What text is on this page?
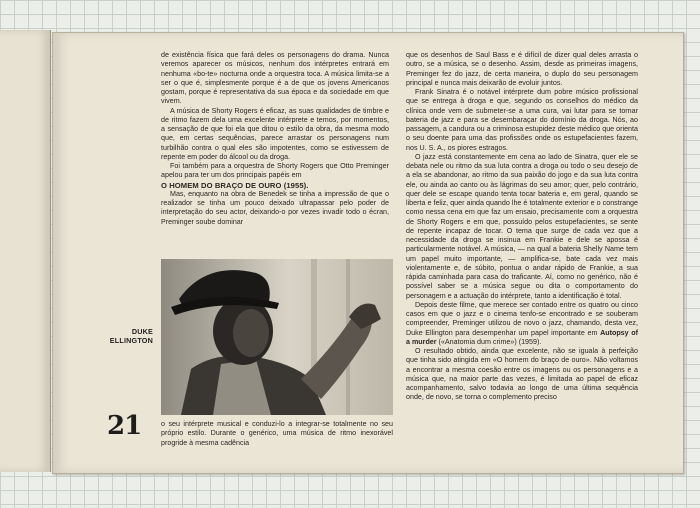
de existência física que fará deles os personagens do drama. Nunca veremos aparecer os músicos, nenhum dos intérpretes entrará em nenhuma «bo-te» nocturna onde a orquestra toca. A música limita-se a ser o que é, simplesmente porque é a de que os jovens Americanos gostam, porque é representativa da sua época e da sociedade em que vivem.

A música de Shorty Rogers é eficaz, as suas qualidades de timbre e de ritmo fazem dela uma excelente intérprete e temos, por momentos, a sensação de que foi ela que ditou o estilo da obra, da mesma modo que, em certas sequências, parece arrastar os personagens num turbilhão contra o qual eles são impotentes, como se estivessem de repente em poder do álcool ou da droga.

Foi também para a orquestra de Shorty Rogers que Otto Preminger apelou para ter um dos principais papéis em

O HOMEM DO BRAÇO DE OURO (1955).

Mas, enquanto na obra de Benedek se tinha a impressão de que o realizador se tinha um pouco deixado ultrapassar pelo poder de interpretação do seu actor, deixando-o por vezes invadir todo o écran, Preminger soube dominar

DUKE
ELLINGTON
21	o seu intérprete musical e conduzi-lo a integrar-se totalmente no seu próprio estilo. Durante o genérico, uma música de ritmo inexorável progride à mesma cadência

que os desenhos de Saul Bass e é difícil de dizer qual deles arrasta o outro, se a música, se o desenho. Assim, desde as primeiras imagens, Preminger fez do jazz, de certa maneira, o duplo do seu personagem principal e nunca mais deixarão de evoluir juntos.

Frank Sinatra é o notável intérprete dum pobre músico profissional que se entrega à droga e que, segundo os conselhos do médico da clínica onde vem de submeter-se a uma cura, vai lutar para se tornar bateria de jazz e para se desembaraçar do domínio da droga. Nós, ao passagem, a candura ou a criminosa estupidez deste médico que orienta o seu doente para uma das profissões onde os estupefacientes fazem, nos U. S. A., os piores estragos.

O jazz está constantemente em cena ao lado de Sinatra, quer ele se debata nele ou ritmo da sua luta contra a droga ou todo o seu desejo de a ela se abandonar, ao ritmo da sua paixão do jogo e da sua luta contra ele, ou ainda ao canto ou às lágrimas do seu amor; quer, pelo contrário, quer dele se escape quando tenta tocar bateria e, em geral, quando se liberta e feliz, quer ainda quando lhe é totalmente exterior e o constrange como nessa cena em que faz um ensaio, precisamente com a orquestra de Shorty Rogers e em que, possuído pelos estupefacientes, se sente de repente incapaz de tocar. O tema que surge de cada vez que a necessidade da droga se insinua em Frankie e dele se apossa é particularmente notável. A música, — na qual a bateria Shelly Name tem um papel muito importante, — amplifica-se, bate cada vez mais violentamente e, de súbito, pontua o andar rápido de Frankie, a sua rápida caminhada para casa do traficante. Aí, como no genérico, não é possível saber se a música segue ou dita o comportamento do personagem e a actuação do intérprete, tanto a identificação é total.

Depois deste filme, que merece ser contado entre os quatro ou cinco casos em que o jazz e o cinema tenfo-se encontrado e se souberam compreender, Preminger utilizou de novo o jazz, chamando, desta vez, Duke Ellington para desempenhar um papel importante em Autopsy of a murder («Anatomia dum crime») (1959).

O resultado obtido, ainda que excelente, não se iguala à perfeição que tinha sido atingida em «O homem do braço de ouro». Não voltamos a encontrar a mesma coesão entre os imagens ou os personagens e a música que, na maior parte das vezes, é limitada ao papel de eficaz acompanhamento, salvo todavia ao longo de uma última sequência onde, de novo, se torna o complemento preciso
